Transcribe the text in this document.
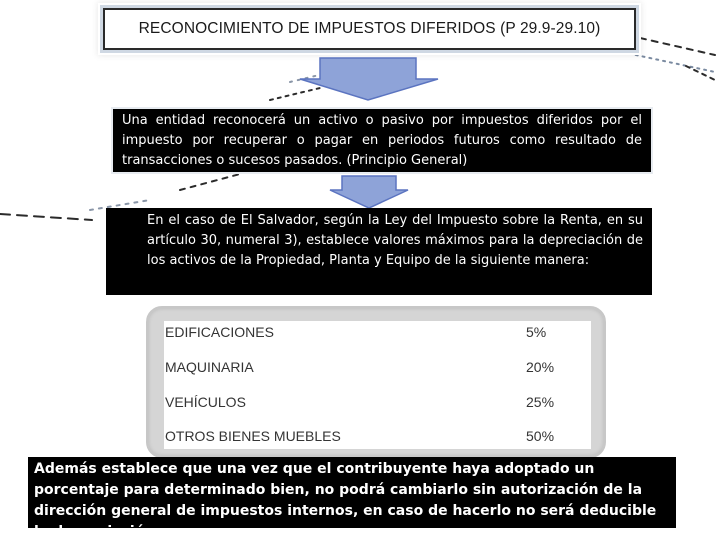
RECONOCIMIENTO DE IMPUESTOS DIFERIDOS (P 29.9-29.10)

Una entidad reconocerá un activo o pasivo por impuestos diferidos por el impuesto por recuperar o pagar en periodos futuros como resultado de transacciones o sucesos pasados. (Principio General)

En el caso de El Salvador, según la Ley del Impuesto sobre la Renta, en su artículo 30, numeral 3), establece valores máximos para la depreciación de los activos de la Propiedad, Planta y Equipo de la siguiente manera:

EDIFICACIONES	5%
MAQUINARIA	20%
VEHÍCULOS	25%
OTROS BIENES MUEBLES	50%

Además establece que una vez que el contribuyente haya adoptado un porcentaje para determinado bien, no podrá cambiarlo sin autorización de la dirección general de impuestos internos, en caso de hacerlo no será deducible la depreciación.
